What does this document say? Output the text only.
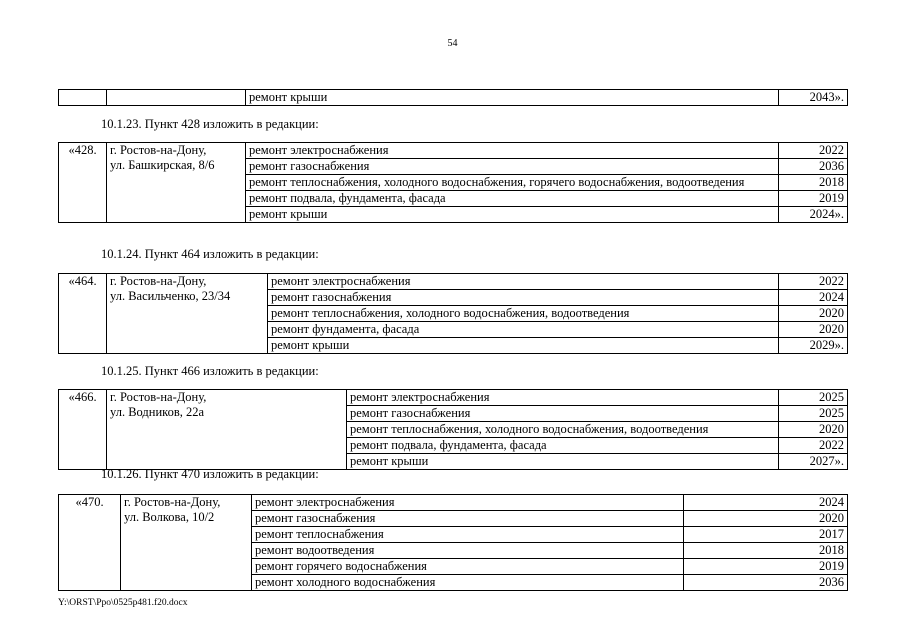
54
		ремонт крыши	2043».
10.1.23. Пункт 428 изложить в редакции:
«428.	г. Ростов-на-Дону,
ул. Башкирская, 8/6	ремонт электроснабжения	2022
		ремонт газоснабжения	2036
		ремонт теплоснабжения, холодного водоснабжения, горячего водоснабжения, водоотведения	2018
		ремонт подвала, фундамента, фасада	2019
		ремонт крыши	2024».
10.1.24. Пункт 464 изложить в редакции:
«464.	г. Ростов-на-Дону,
ул. Васильченко, 23/34	ремонт электроснабжения	2022
		ремонт газоснабжения	2024
		ремонт теплоснабжения, холодного водоснабжения, водоотведения	2020
		ремонт фундамента, фасада	2020
		ремонт крыши	2029».
10.1.25. Пункт 466 изложить в редакции:
«466.	г. Ростов-на-Дону,
ул. Водников, 22а	ремонт электроснабжения	2025
		ремонт газоснабжения	2025
		ремонт теплоснабжения, холодного водоснабжения, водоотведения	2020
		ремонт подвала, фундамента, фасада	2022
		ремонт крыши	2027».
10.1.26. Пункт 470 изложить в редакции:
«470.	г. Ростов-на-Дону,
ул. Волкова, 10/2	ремонт электроснабжения	2024
		ремонт газоснабжения	2020
		ремонт теплоснабжения	2017
		ремонт водоотведения	2018
		ремонт горячего водоснабжения	2019
		ремонт холодного водоснабжения	2036
Y:\ORST\Ppo\0525p481.f20.docx
